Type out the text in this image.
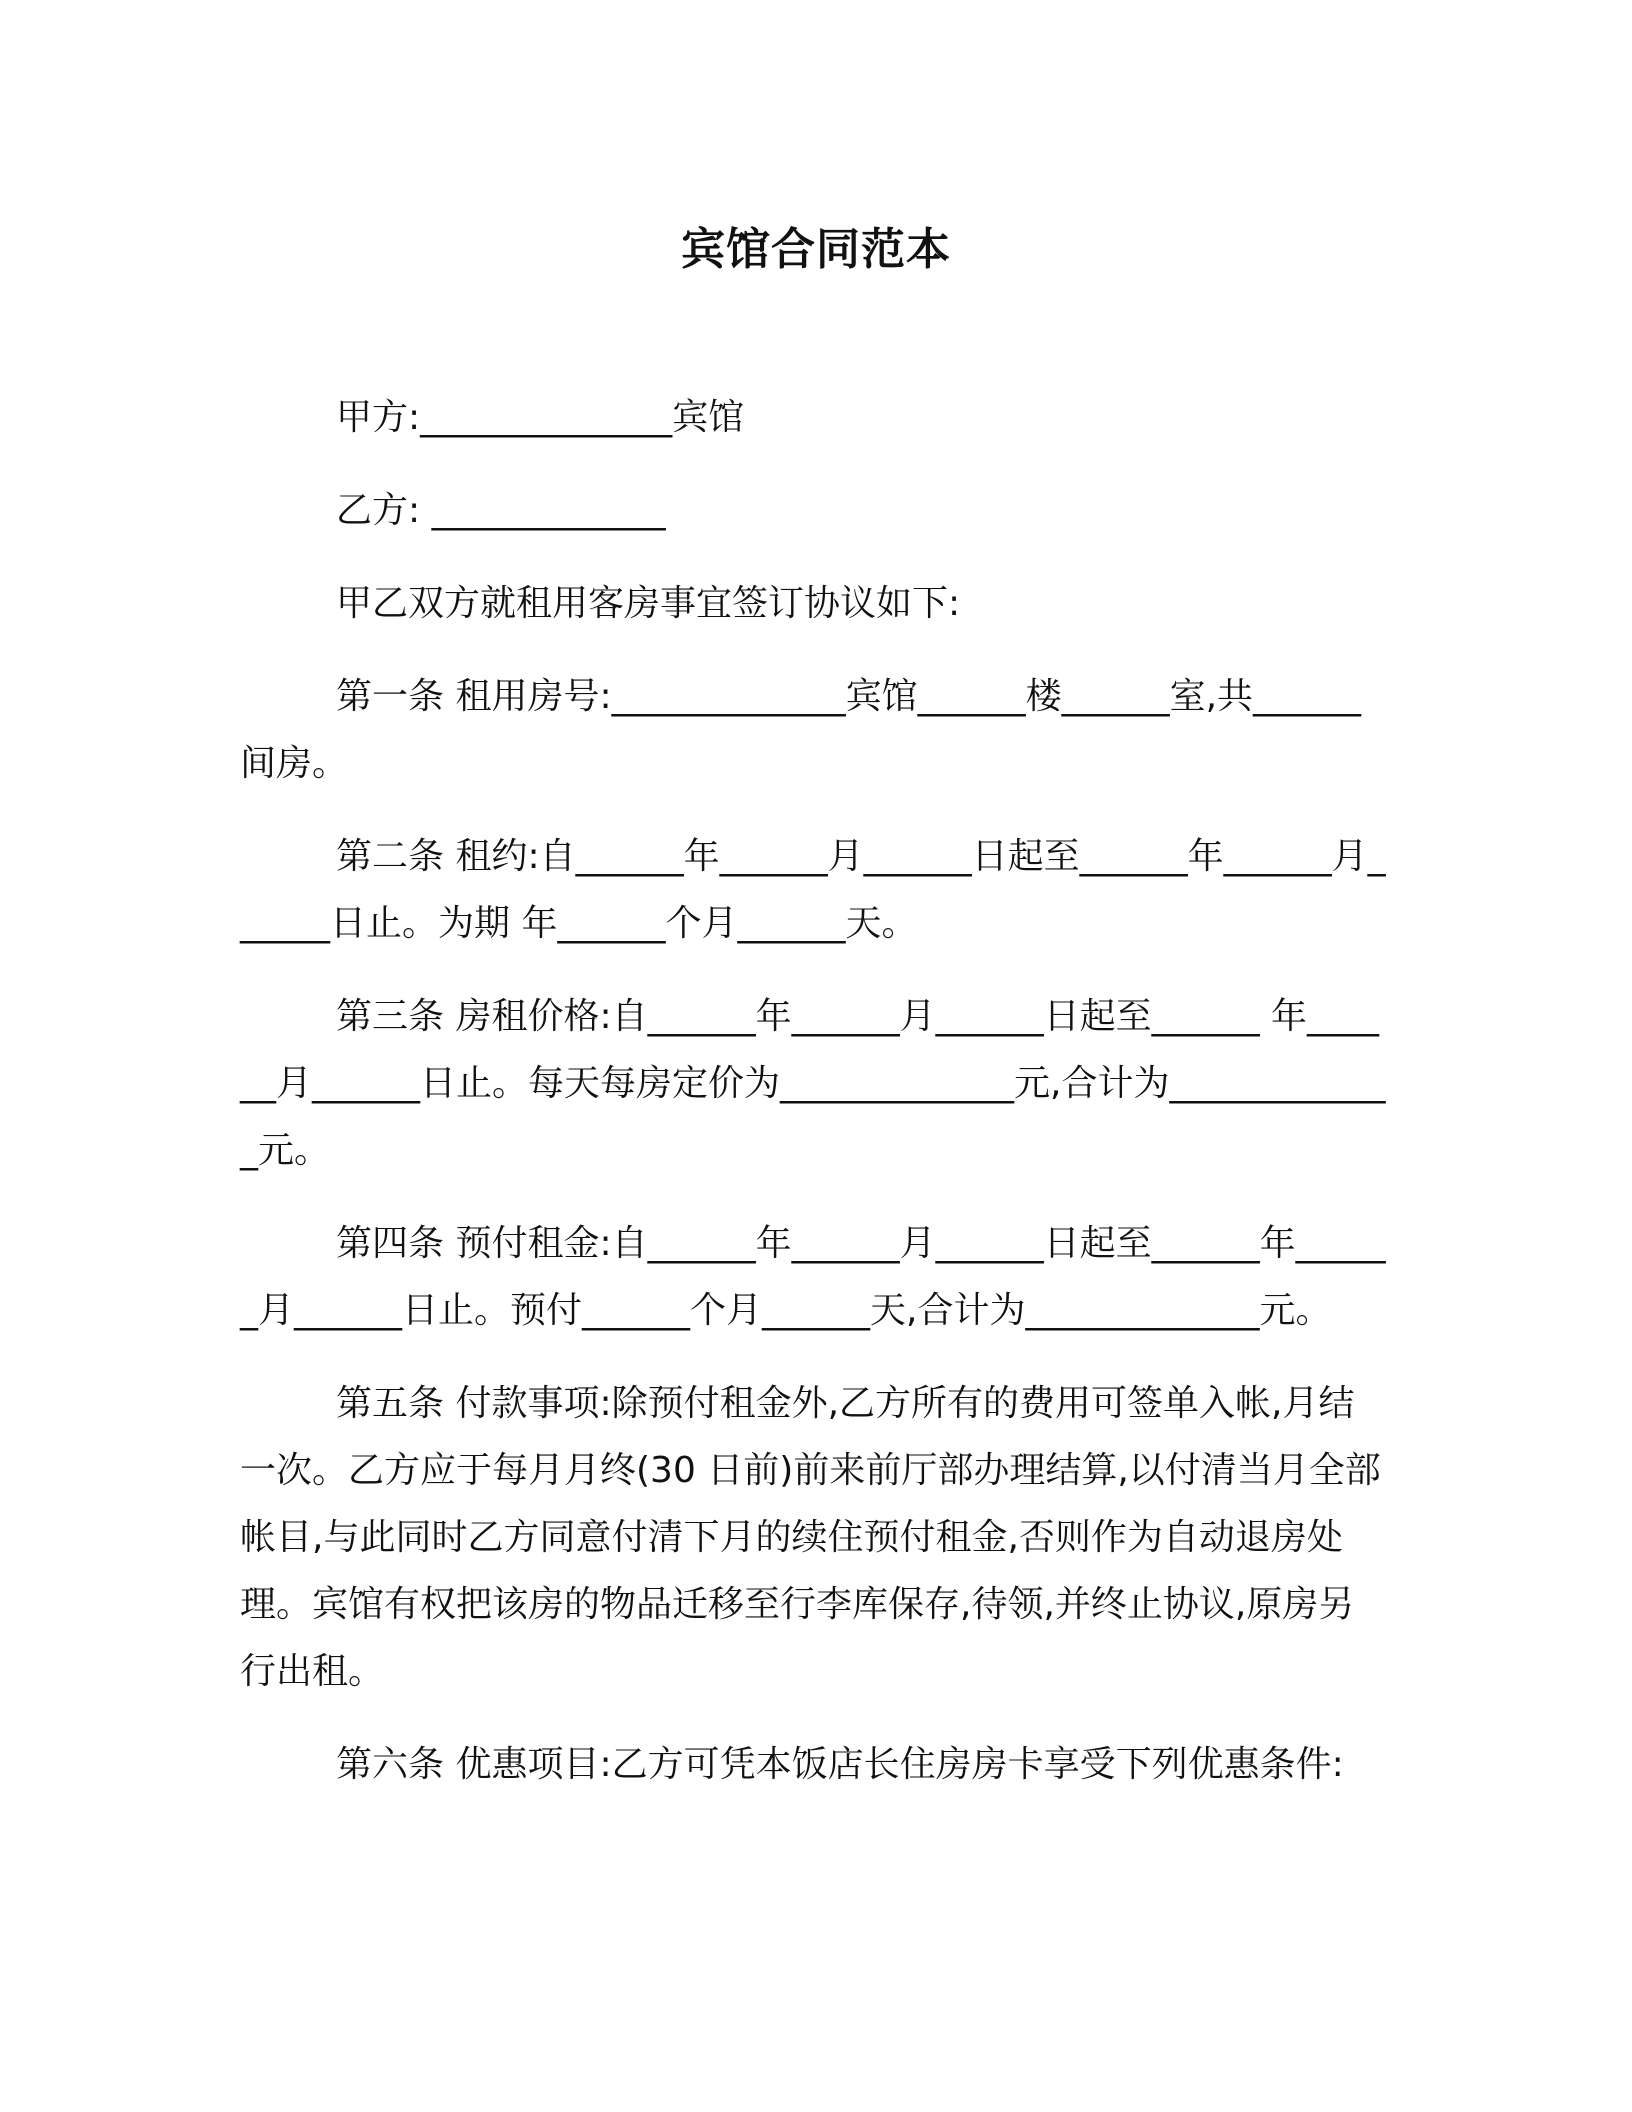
宾馆合同范本

甲方:______________宾馆

乙方: _____________

甲乙双方就租用客房事宜签订协议如下:

第一条 租用房号:_____________宾馆______楼______室,共______间房。

第二条 租约:自______年______月______日起至______年______月______日止。为期 年______个月______天。

第三条 房租价格:自______年______月______日起至______ 年______月______日止。每天每房定价为_____________元,合计为_____________元。

第四条 预付租金:自______年______月______日起至______年______月______日止。预付______个月______天,合计为_____________元。

第五条 付款事项:除预付租金外,乙方所有的费用可签单入帐,月结一次。乙方应于每月月终(30 日前)前来前厅部办理结算,以付清当月全部帐目,与此同时乙方同意付清下月的续住预付租金,否则作为自动退房处理。宾馆有权把该房的物品迁移至行李库保存,待领,并终止协议,原房另行出租。

第六条 优惠项目:乙方可凭本饭店长住房房卡享受下列优惠条件:
